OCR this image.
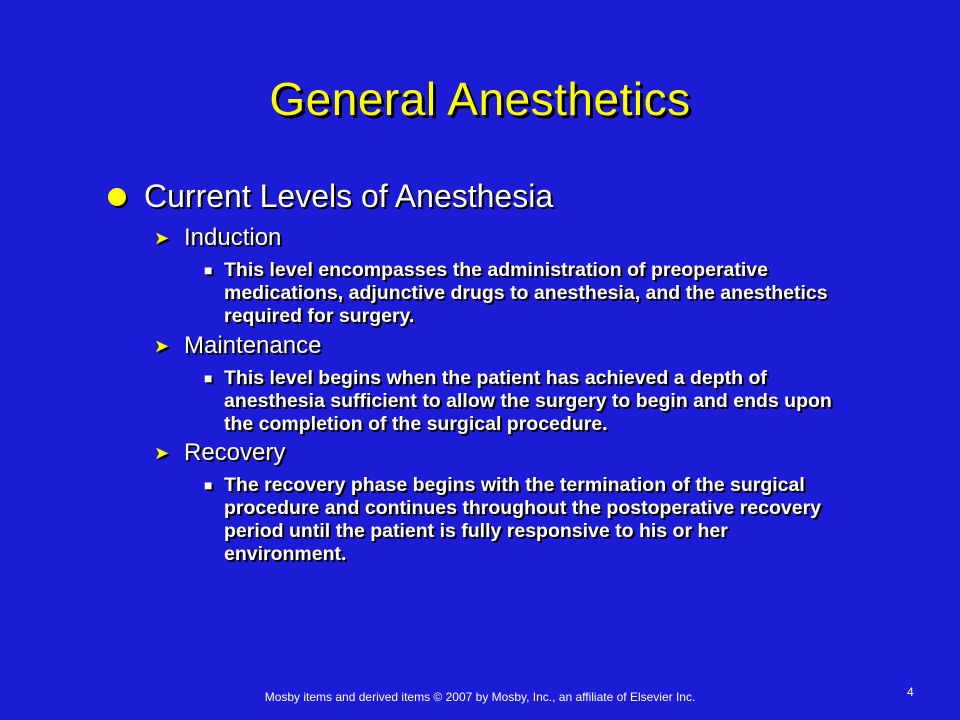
General Anesthetics
Current Levels of Anesthesia
➤ Induction
■ This level encompasses the administration of preoperative medications, adjunctive drugs to anesthesia, and the anesthetics required for surgery.
➤ Maintenance
■ This level begins when the patient has achieved a depth of anesthesia sufficient to allow the surgery to begin and ends upon the completion of the surgical procedure.
➤ Recovery
■ The recovery phase begins with the termination of the surgical procedure and continues throughout the postoperative recovery period until the patient is fully responsive to his or her environment.
Mosby items and derived items © 2007 by Mosby, Inc., an affiliate of Elsevier Inc.	4
